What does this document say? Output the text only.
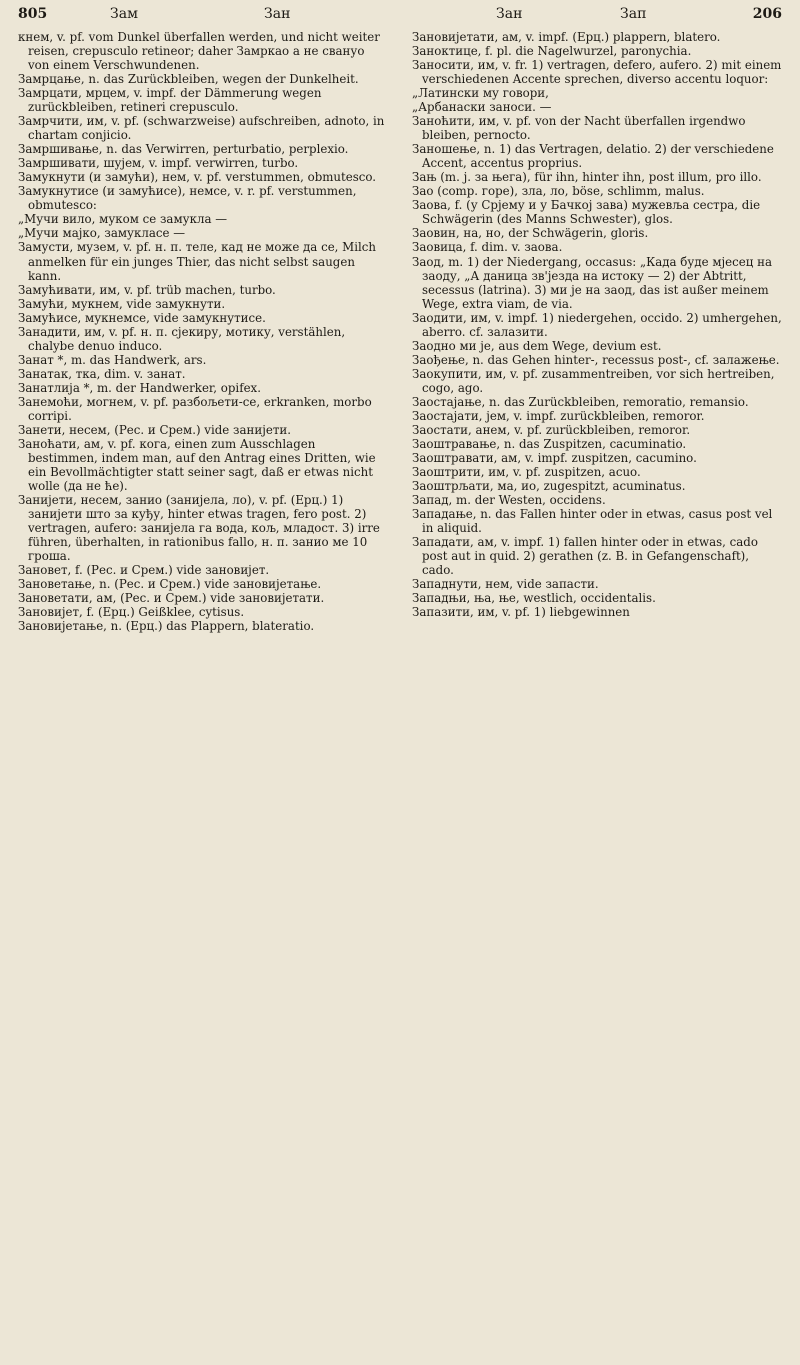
805	Зам	Зан	Зан	Зап	206

кнем, v. pf. vom Dunkel überfallen werden, und nicht weiter reisen, crepusculo retineor; daher Замркао а не свануо von einem Verschwundenen.

Замрцање, n. das Zurückbleiben, wegen der Dunkelheit.

Замрцати, мрцем, v. impf. der Dämmerung wegen zurückbleiben, retineri crepusculo.

Замрчити, им, v. pf. (schwarzweise) aufschreiben, adnoto, in chartam conjicio.

Замршивање, n. das Verwirren, perturbatio, perplexio.

Замршивати, шујем, v. impf. verwirren, turbo.

Замукнути (и замући), нем, v. pf. verstummen, obmutesco.

Замукнутисе (и замућисе), немсе, v. r. pf. verstummen, obmutesco:

„Мучи вило, муком се замукла —

„Мучи мајко, замукласе —

Замусти, музем, v. pf. н. п. теле, кад не може да се, Milch anmelken für ein junges Thier, das nicht selbst saugen kann.

Замућивати, им, v. pf. trüb machen, turbo.

Замући, мукнем, vide замукнути.

Замућисе, мукнемсе, vide замукнутисе.

Занадити, им, v. pf. н. п. сјекиру, мотику, verstählen, chalybe denuo induco.

Занат *, m. das Handwerk, ars.

Занатак, тка, dim. v. занат.

Занатлија *, m. der Handwerker, opifex.

Занемоћи, могнем, v. pf. разбољети-се, erkranken, morbo corripi.

Занети, несем, (Рес. и Срем.) vide занијети.

Заноћати, ам, v. pf. кога, einen zum Ausschlagen bestimmen, indem man, auf den Antrag eines Dritten, wie ein Bevollmächtigter statt seiner sagt, daß er etwas nicht wolle (да не ће).

Занијети, несем, занио (занијела, ло), v. pf. (Ерц.) 1) занијети што за куђу, hinter etwas tragen, fero post. 2) vertragen, aufero: занијела га вода, кољ, младост. 3) irre führen, überhalten, in rationibus fallo, н. п. занио ме 10 гроша.

Зановет, f. (Рес. и Срем.) vide зановијет.

Зановетање, n. (Рес. и Срем.) vide зановијетање.

Зановетати, ам, (Рес. и Срем.) vide зановијетати.

Зановијет, f. (Ерц.) Geißklee, cytisus.

Зановијетање, n. (Ерц.) das Plappern, blateratio.

Зановијетати, ам, v. impf. (Ерц.) plappern, blatero.

Заноктице, f. pl. die Nagelwurzel, paronychia.

Заносити, им, v. fr. 1) vertragen, defero, aufero. 2) mit einem verschiedenen Accente sprechen, diverso accentu loquor:

„Латински му говори,

„Арбанаски заноси. —

Заноћити, им, v. pf. von der Nacht überfallen irgendwo bleiben, pernocto.

Заношење, n. 1) das Vertragen, delatio. 2) der verschiedene Accent, accentus proprius.

Зањ (m. j. за њега), für ihn, hinter ihn, post illum, pro illo.

Зао (comp. горе), зла, ло, böse, schlimm, malus.

Заова, f. (у Срјему и у Бачкој зава) мужевља сестра, die Schwägerin (des Manns Schwester), glos.

Заовин, на, но, der Schwägerin, gloris.

Заовица, f. dim. v. заова.

Заод, m. 1) der Niedergang, occasus: „Када буде мјесец на заоду, „А даница зв'језда на истоку — 2) der Abtritt, secessus (latrina). 3) ми је на заод, das ist außer meinem Wege, extra viam, de via.

Заодити, им, v. impf. 1) niedergehen, occido. 2) umhergehen, aberro. cf. залазити.

Заодно ми је, aus dem Wege, devium est.

Заођење, n. das Gehen hinter-, recessus post-, cf. залажење.

Заокупити, им, v. pf. zusammentreiben, vor sich hertreiben, cogo, ago.

Заостајање, n. das Zurückbleiben, remoratio, remansio.

Заостајати, јем, v. impf. zurückbleiben, remoror.

Заостати, анем, v. pf. zurückbleiben, remoror.

Заоштравање, n. das Zuspitzen, cacuminatio.

Заоштравати, ам, v. impf. zuspitzen, cacumino.

Заоштрити, им, v. pf. zuspitzen, acuo.

Заоштрљати, ма, ио, zugespitzt, acuminatus.

Запад, m. der Westen, occidens.

Западање, n. das Fallen hinter oder in etwas, casus post vel in aliquid.

Западати, ам, v. impf. 1) fallen hinter oder in etwas, cado post aut in quid. 2) gerathen (z. B. in Gefangenschaft), cado.

Западнути, нем, vide запасти.

Западњи, ња, ње, westlich, occidentalis.

Запазити, им, v. pf. 1) liebgewinnen
